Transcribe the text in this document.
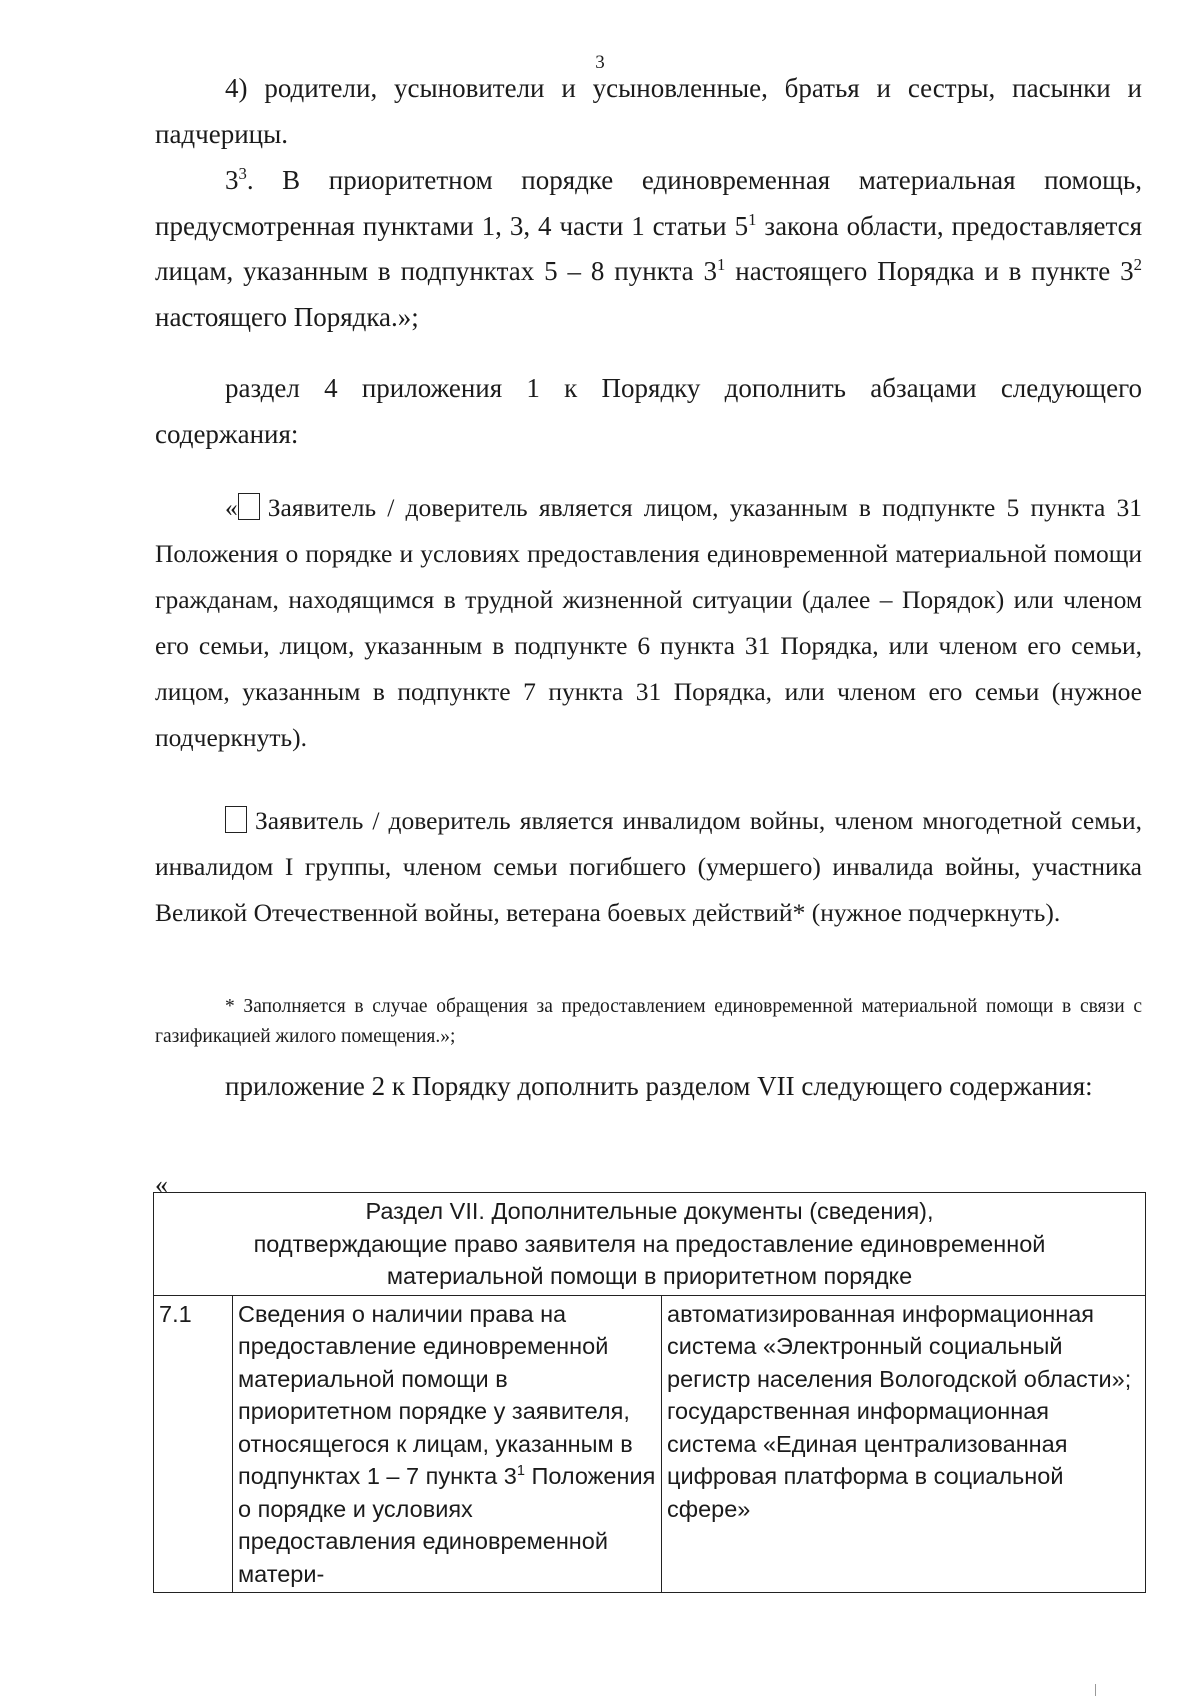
3
4) родители, усыновители и усыновленные, братья и сестры, пасынки и падчерицы.
$3^3$. В приоритетном порядке единовременная материальная помощь, предусмотренная пунктами 1, 3, 4 части 1 статьи $5^1$ закона области, предоставляется лицам, указанным в подпунктах 5 – 8 пункта $3^1$ настоящего Порядка и в пункте $3^2$ настоящего Порядка.»;
раздел 4 приложения 1 к Порядку дополнить абзацами следующего содержания:
« Заявитель / доверитель является лицом, указанным в подпункте 5 пункта 31 Положения о порядке и условиях предоставления единовременной материальной помощи гражданам, находящимся в трудной жизненной ситуации (далее – Порядок) или членом его семьи, лицом, указанным в подпункте 6 пункта 31 Порядка, или членом его семьи, лицом, указанным в подпункте 7 пункта 31 Порядка, или членом его семьи (нужное подчеркнуть).
Заявитель / доверитель является инвалидом войны, членом многодетной семьи, инвалидом I группы, членом семьи погибшего (умершего) инвалида войны, участника Великой Отечественной войны, ветерана боевых действий* (нужное подчеркнуть).
* Заполняется в случае обращения за предоставлением единовременной материальной помощи в связи с газификацией жилого помещения.»;
приложение 2 к Порядку дополнить разделом VII следующего содержания:
«
Раздел VII. Дополнительные документы (сведения),
подтверждающие право заявителя на предоставление единовременной
материальной помощи в приоритетном порядке

7.1	Сведения о наличии права на предоставление единовременной материальной помощи в приоритетном порядке у заявителя, относящегося к лицам, указанным в подпунктах 1 – 7 пункта $3^1$ Положения о порядке и условиях предоставления единовременной матери-	автоматизированная информационная система «Электронный социальный регистр населения Вологодской области»; государственная информационная система «Единая централизованная цифровая платформа в социальной сфере»
